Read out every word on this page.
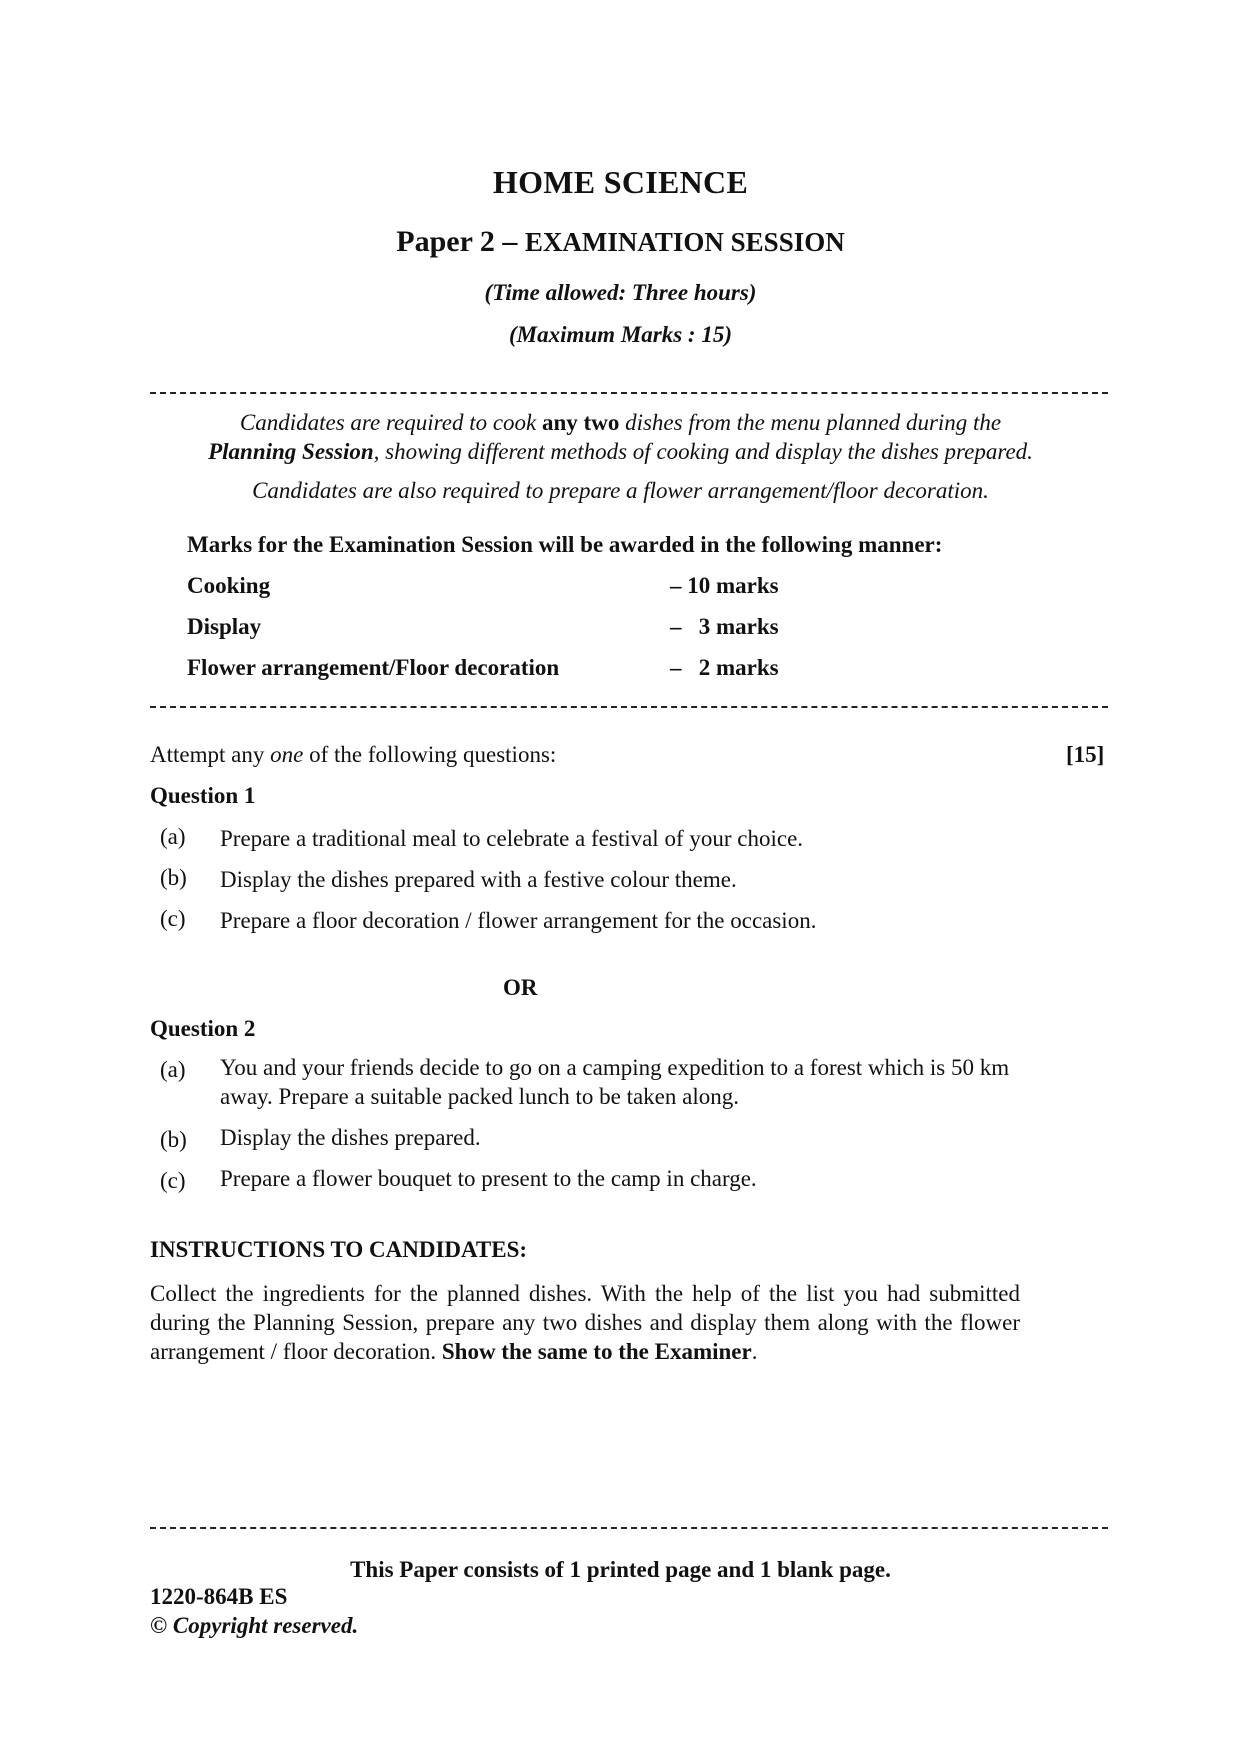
HOME SCIENCE
Paper 2 – EXAMINATION SESSION
(Time allowed: Three hours)
(Maximum Marks : 15)
Candidates are required to cook any two dishes from the menu planned during the
Planning Session, showing different methods of cooking and display the dishes prepared.
Candidates are also required to prepare a flower arrangement/floor decoration.
Marks for the Examination Session will be awarded in the following manner:
Cooking	– 10 marks
Display	–   3 marks
Flower arrangement/Floor decoration	–   2 marks
Attempt any one of the following questions:	[15]
Question 1
(a) Prepare a traditional meal to celebrate a festival of your choice.
(b) Display the dishes prepared with a festive colour theme.
(c) Prepare a floor decoration / flower arrangement for the occasion.
OR
Question 2
(a) You and your friends decide to go on a camping expedition to a forest which is 50 km away. Prepare a suitable packed lunch to be taken along.
(b) Display the dishes prepared.
(c) Prepare a flower bouquet to present to the camp in charge.
INSTRUCTIONS TO CANDIDATES:
Collect the ingredients for the planned dishes. With the help of the list you had submitted during the Planning Session, prepare any two dishes and display them along with the flower arrangement / floor decoration. Show the same to the Examiner.
This Paper consists of 1 printed page and 1 blank page.
1220-864B ES
© Copyright reserved.
